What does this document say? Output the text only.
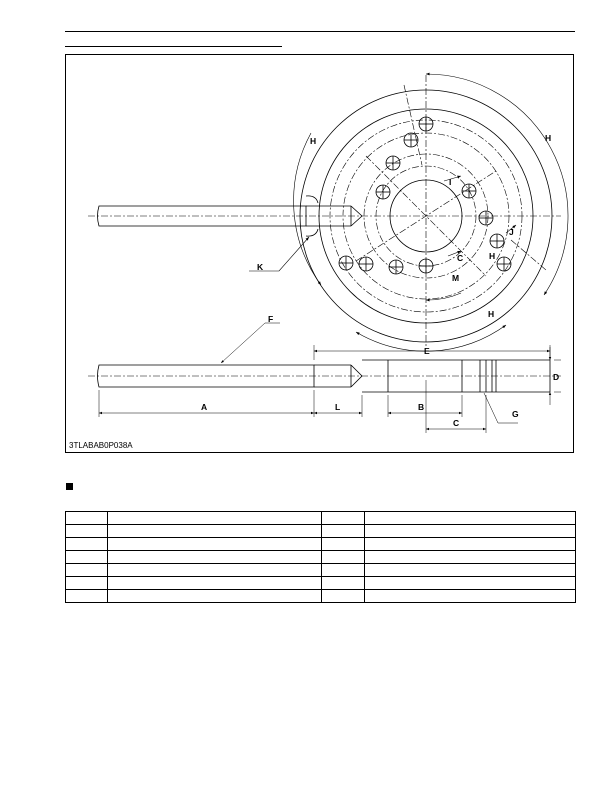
H	H
H
H
I
J
C
M
K
F
E
D
A	L	B
G
C
3TLABAB0P038A
